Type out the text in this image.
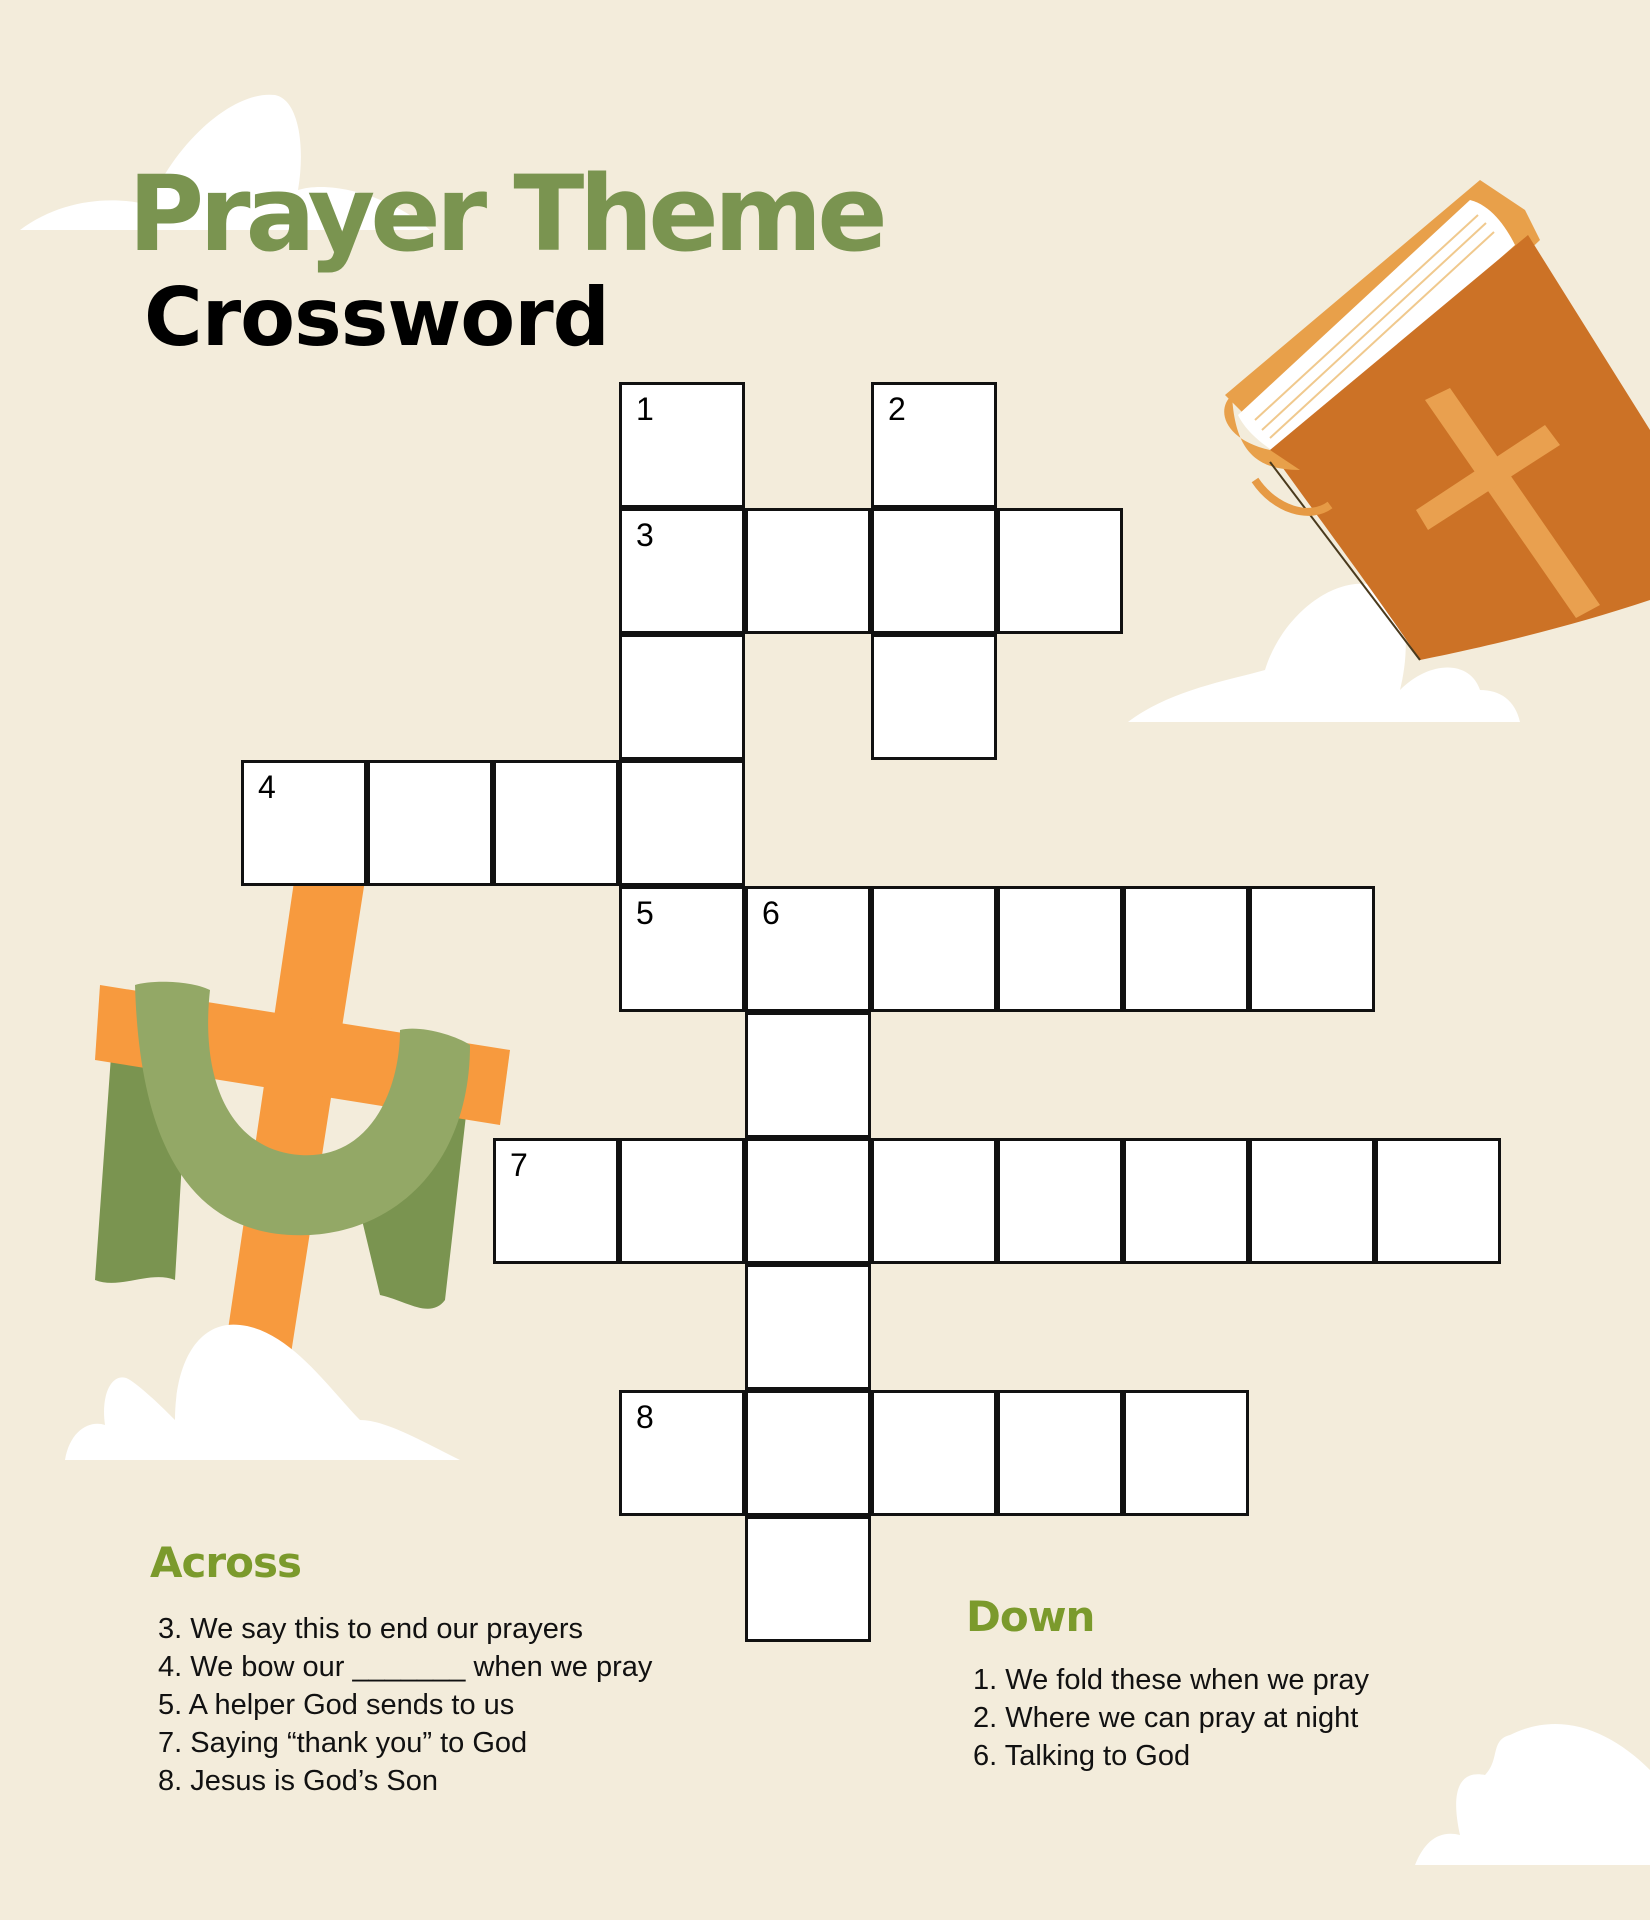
Prayer Theme
Crossword
1	2
3
4
5	6
7
8
Across
3. We say this to end our prayers
4. We bow our _______ when we pray
5. A helper God sends to us
7. Saying “thank you” to God
8. Jesus is God’s Son
Down
1. We fold these when we pray
2. Where we can pray at night
6. Talking to God
